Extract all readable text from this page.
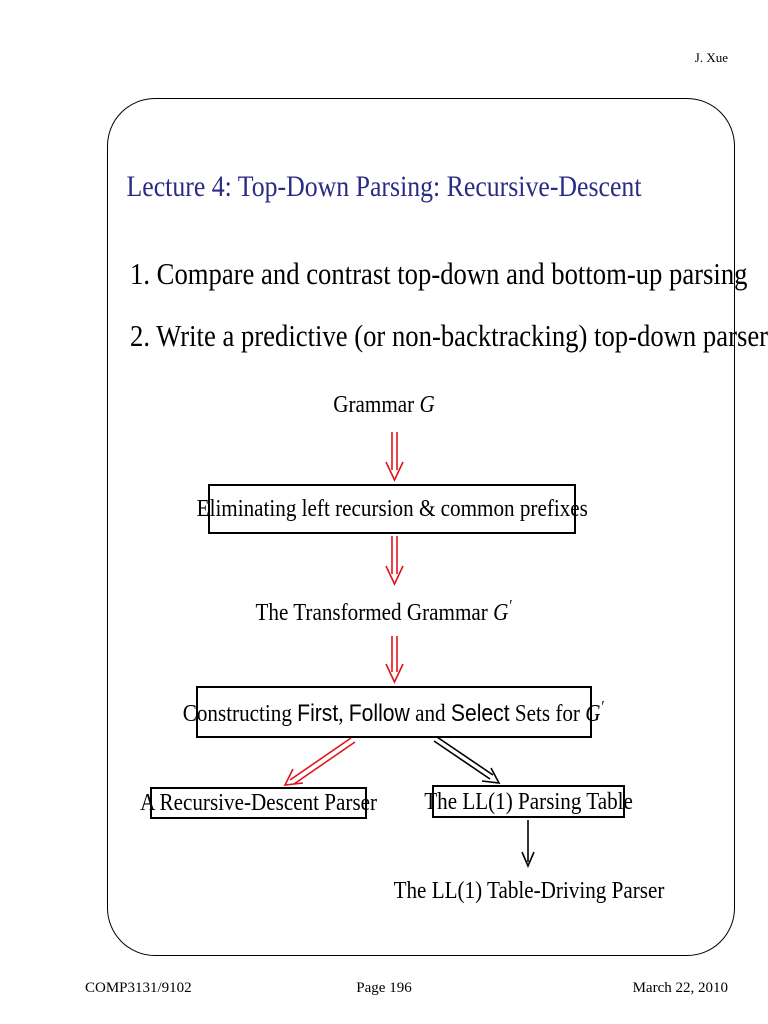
J. Xue
Lecture 4: Top-Down Parsing: Recursive-Descent
1. Compare and contrast top-down and bottom-up parsing
2. Write a predictive (or non-backtracking) top-down parser
Grammar G
Eliminating left recursion & common prefixes
The Transformed Grammar G′
Constructing First, Follow and Select Sets for G′
A Recursive-Descent Parser The LL(1) Parsing Table
The LL(1) Table-Driving Parser
COMP3131/9102	Page 196	March 22, 2010
